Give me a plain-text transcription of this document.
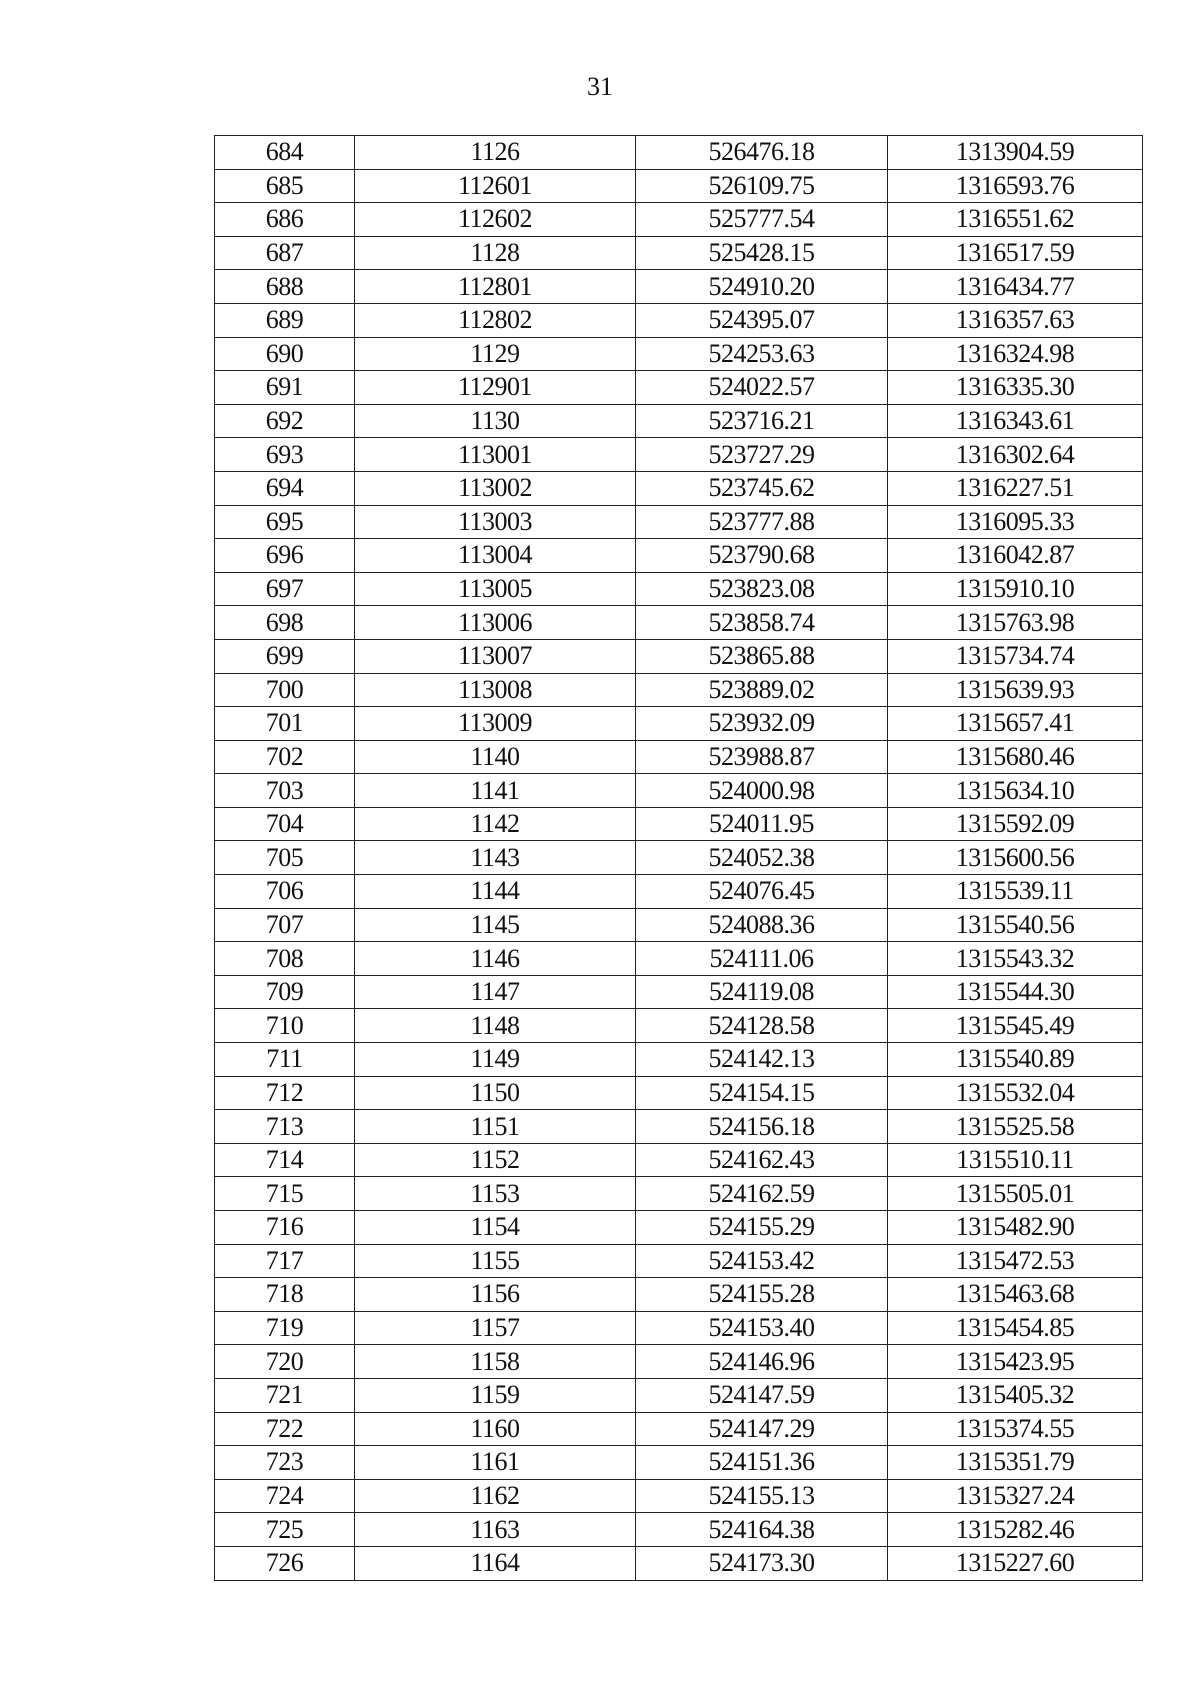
31
684	1126	526476.18	1313904.59
685	112601	526109.75	1316593.76
686	112602	525777.54	1316551.62
687	1128	525428.15	1316517.59
688	112801	524910.20	1316434.77
689	112802	524395.07	1316357.63
690	1129	524253.63	1316324.98
691	112901	524022.57	1316335.30
692	1130	523716.21	1316343.61
693	113001	523727.29	1316302.64
694	113002	523745.62	1316227.51
695	113003	523777.88	1316095.33
696	113004	523790.68	1316042.87
697	113005	523823.08	1315910.10
698	113006	523858.74	1315763.98
699	113007	523865.88	1315734.74
700	113008	523889.02	1315639.93
701	113009	523932.09	1315657.41
702	1140	523988.87	1315680.46
703	1141	524000.98	1315634.10
704	1142	524011.95	1315592.09
705	1143	524052.38	1315600.56
706	1144	524076.45	1315539.11
707	1145	524088.36	1315540.56
708	1146	524111.06	1315543.32
709	1147	524119.08	1315544.30
710	1148	524128.58	1315545.49
711	1149	524142.13	1315540.89
712	1150	524154.15	1315532.04
713	1151	524156.18	1315525.58
714	1152	524162.43	1315510.11
715	1153	524162.59	1315505.01
716	1154	524155.29	1315482.90
717	1155	524153.42	1315472.53
718	1156	524155.28	1315463.68
719	1157	524153.40	1315454.85
720	1158	524146.96	1315423.95
721	1159	524147.59	1315405.32
722	1160	524147.29	1315374.55
723	1161	524151.36	1315351.79
724	1162	524155.13	1315327.24
725	1163	524164.38	1315282.46
726	1164	524173.30	1315227.60
